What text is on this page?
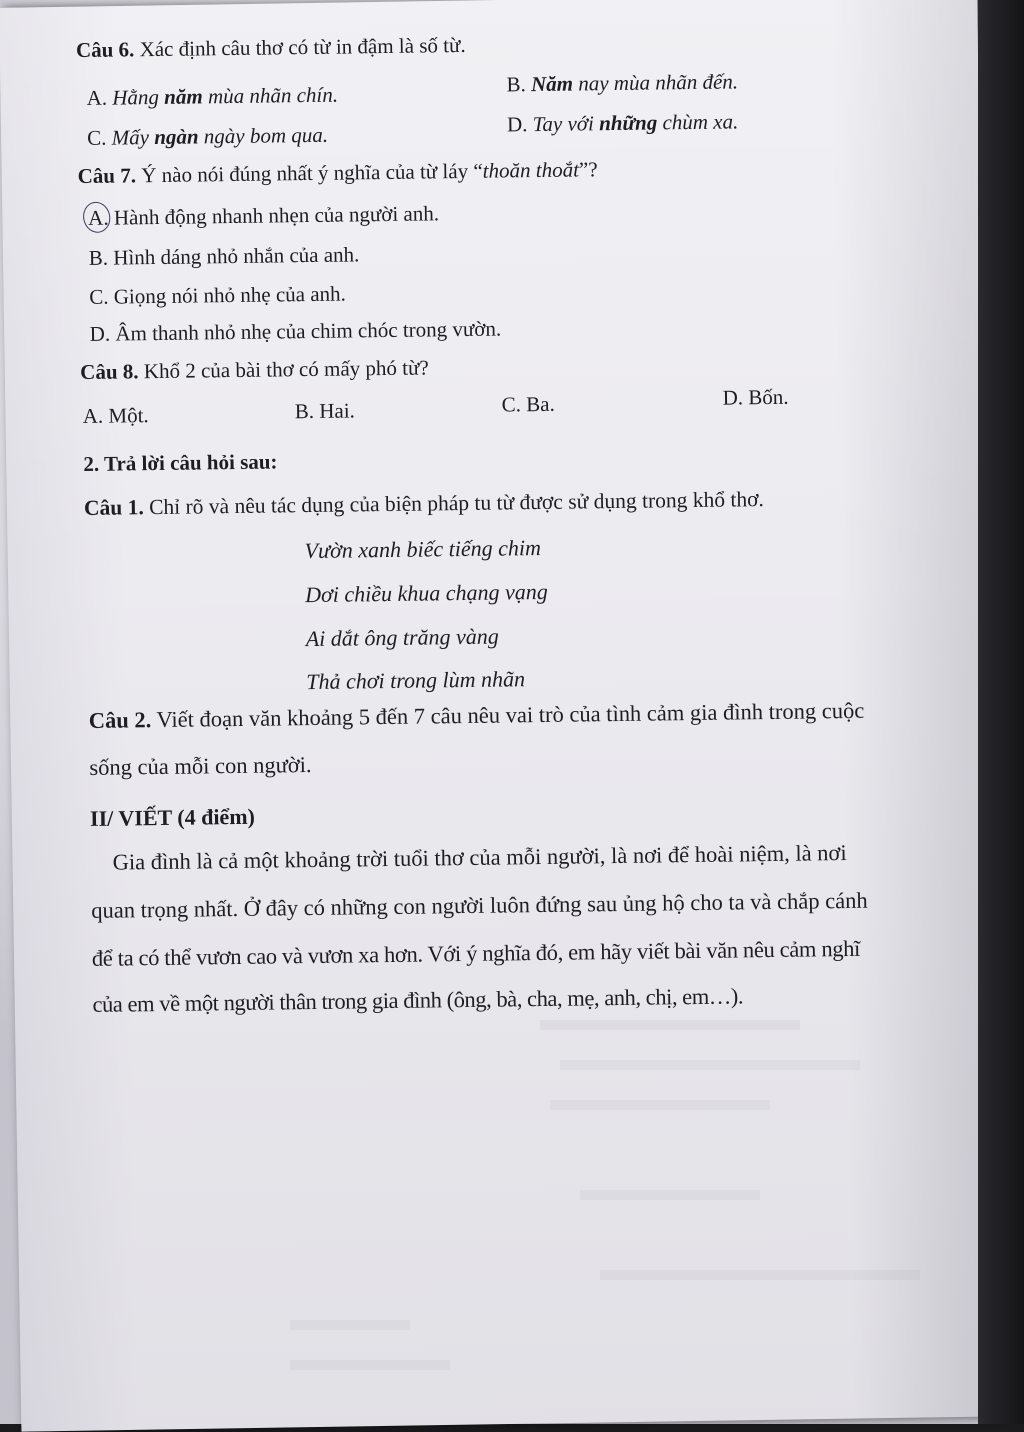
Câu 6. Xác định câu thơ có từ in đậm là số từ.
A. Hằng năm mùa nhãn chín.	B. Năm nay mùa nhãn đến.
C. Mấy ngàn ngày bom qua.	D. Tay với những chùm xa.
Câu 7. Ý nào nói đúng nhất ý nghĩa của từ láy “thoăn thoắt”?
A. Hành động nhanh nhẹn của người anh.
B. Hình dáng nhỏ nhắn của anh.
C. Giọng nói nhỏ nhẹ của anh.
D. Âm thanh nhỏ nhẹ của chim chóc trong vườn.
Câu 8. Khổ 2 của bài thơ có mấy phó từ?
A. Một.	B. Hai.	C. Ba.	D. Bốn.
2. Trả lời câu hỏi sau:
Câu 1. Chỉ rõ và nêu tác dụng của biện pháp tu từ được sử dụng trong khổ thơ.
Vườn xanh biếc tiếng chim
Dơi chiều khua chạng vạng
Ai dắt ông trăng vàng
Thả chơi trong lùm nhãn
Câu 2. Viết đoạn văn khoảng 5 đến 7 câu nêu vai trò của tình cảm gia đình trong cuộc
sống của mỗi con người.
II/ VIẾT (4 điểm)
Gia đình là cả một khoảng trời tuổi thơ của mỗi người, là nơi để hoài niệm, là nơi
quan trọng nhất. Ở đây có những con người luôn đứng sau ủng hộ cho ta và chắp cánh
để ta có thể vươn cao và vươn xa hơn. Với ý nghĩa đó, em hãy viết bài văn nêu cảm nghĩ
của em về một người thân trong gia đình (ông, bà, cha, mẹ, anh, chị, em…).
